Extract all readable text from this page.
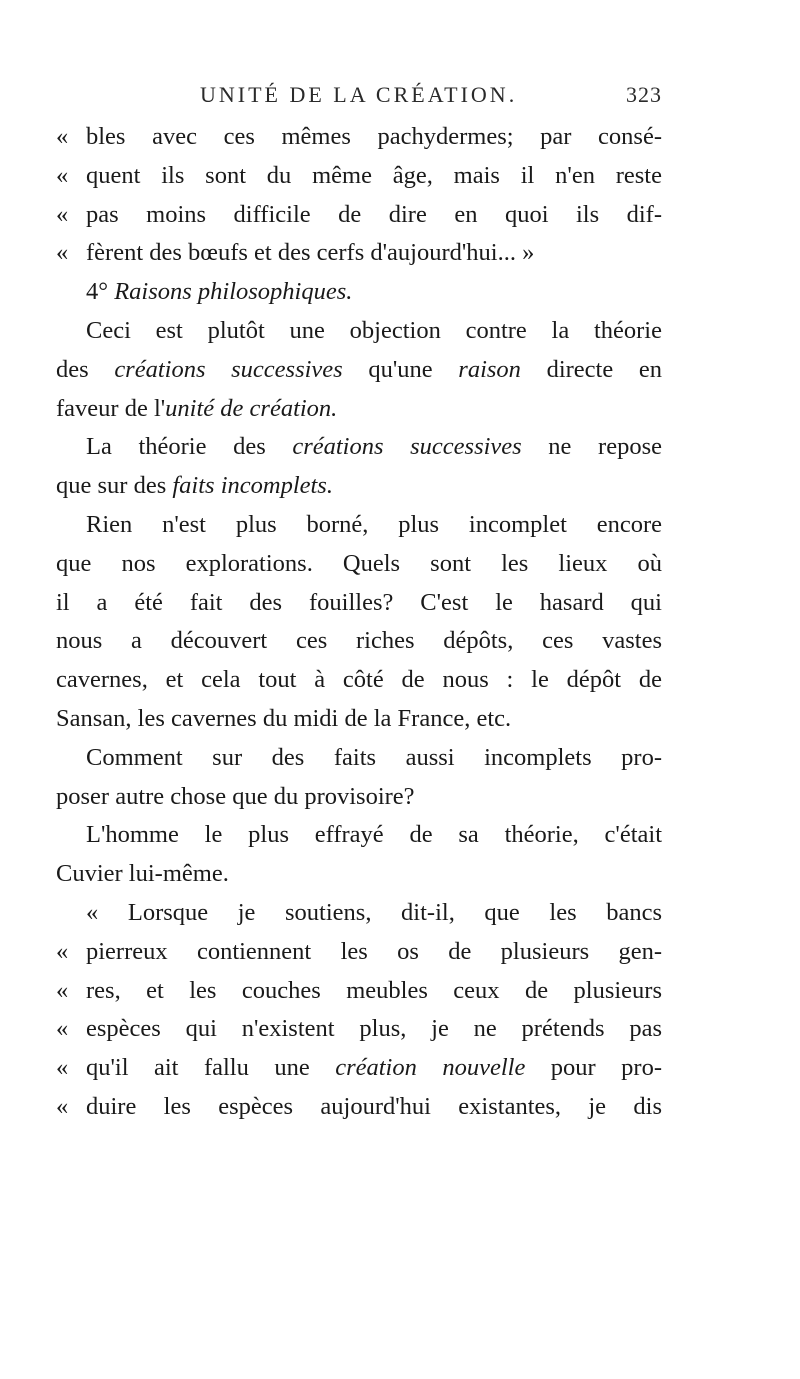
UNITÉ DE LA CRÉATION.	323
« bles avec ces mêmes pachydermes; par consé-
« quent ils sont du même âge, mais il n'en reste
« pas moins difficile de dire en quoi ils dif-
« fèrent des bœufs et des cerfs d'aujourd'hui... »
4° Raisons philosophiques.
Ceci est plutôt une objection contre la théorie
des créations successives qu'une raison directe en
faveur de l'unité de création.
La théorie des créations successives ne repose
que sur des faits incomplets.
Rien n'est plus borné, plus incomplet encore
que nos explorations. Quels sont les lieux où
il a été fait des fouilles? C'est le hasard qui
nous a découvert ces riches dépôts, ces vastes
cavernes, et cela tout à côté de nous : le dépôt de
Sansan, les cavernes du midi de la France, etc.
Comment sur des faits aussi incomplets pro-
poser autre chose que du provisoire?
L'homme le plus effrayé de sa théorie, c'était
Cuvier lui-même.
« Lorsque je soutiens, dit-il, que les bancs
« pierreux contiennent les os de plusieurs gen-
« res, et les couches meubles ceux de plusieurs
« espèces qui n'existent plus, je ne prétends pas
« qu'il ait fallu une création nouvelle pour pro-
« duire les espèces aujourd'hui existantes, je dis
